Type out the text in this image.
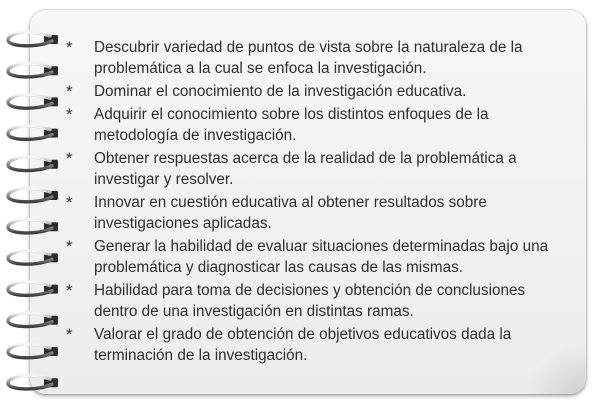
* Descubrir variedad de puntos de vista sobre la naturaleza de la problemática a la cual se enfoca la investigación.
* Dominar el conocimiento de la investigación educativa.
* Adquirir el conocimiento sobre los distintos enfoques de la metodología de investigación.
* Obtener respuestas acerca de la realidad de la problemática a investigar y resolver.
* Innovar en cuestión educativa al obtener resultados sobre investigaciones aplicadas.
* Generar la habilidad de evaluar situaciones determinadas bajo una problemática y diagnosticar las causas de las mismas.
* Habilidad para toma de decisiones y obtención de conclusiones dentro de una investigación en distintas ramas.
* Valorar el grado de obtención de objetivos educativos dada la terminación de la investigación.
